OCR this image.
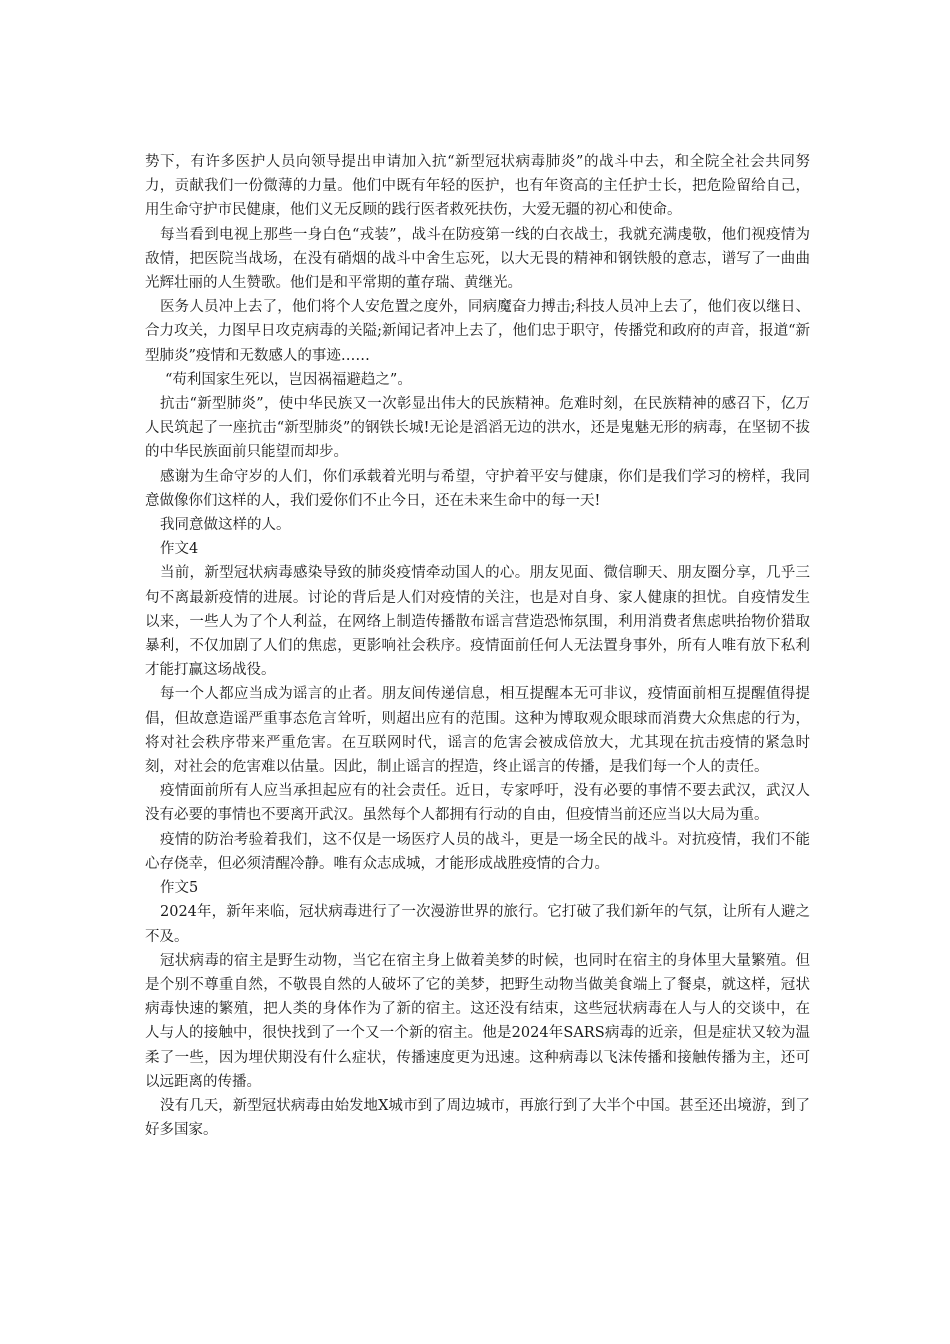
势下，有许多医护人员向领导提出申请加入抗“新型冠状病毒肺炎”的战斗中去，和全院全社会共同努力，贡献我们一份微薄的力量。他们中既有年轻的医护，也有年资高的主任护士长，把危险留给自己，用生命守护市民健康，他们义无反顾的践行医者救死扶伤，大爱无疆的初心和使命。

每当看到电视上那些一身白色“戎装”，战斗在防疫第一线的白衣战士，我就充满虔敬，他们视疫情为敌情，把医院当战场，在没有硝烟的战斗中舍生忘死，以大无畏的精神和钢铁般的意志，谱写了一曲曲光辉壮丽的人生赞歌。他们是和平常期的董存瑞、黄继光。

医务人员冲上去了，他们将个人安危置之度外，同病魔奋力搏击;科技人员冲上去了，他们夜以继日、合力攻关，力图早日攻克病毒的关隘;新闻记者冲上去了，他们忠于职守，传播党和政府的声音，报道“新型肺炎”疫情和无数感人的事迹……

“苟利国家生死以，岂因祸福避趋之”。

抗击“新型肺炎”，使中华民族又一次彰显出伟大的民族精神。危难时刻，在民族精神的感召下，亿万人民筑起了一座抗击“新型肺炎”的钢铁长城!无论是滔滔无边的洪水，还是鬼魅无形的病毒，在坚韧不拔的中华民族面前只能望而却步。

感谢为生命守岁的人们，你们承载着光明与希望，守护着平安与健康，你们是我们学习的榜样，我同意做像你们这样的人，我们爱你们不止今日，还在未来生命中的每一天!

我同意做这样的人。

作文4

当前，新型冠状病毒感染导致的肺炎疫情牵动国人的心。朋友见面、微信聊天、朋友圈分享，几乎三句不离最新疫情的进展。讨论的背后是人们对疫情的关注，也是对自身、家人健康的担忧。自疫情发生以来，一些人为了个人利益，在网络上制造传播散布谣言营造恐怖氛围，利用消费者焦虑哄抬物价猎取暴利，不仅加剧了人们的焦虑，更影响社会秩序。疫情面前任何人无法置身事外，所有人唯有放下私利才能打赢这场战役。

每一个人都应当成为谣言的止者。朋友间传递信息，相互提醒本无可非议，疫情面前相互提醒值得提倡，但故意造谣严重事态危言耸听，则超出应有的范围。这种为博取观众眼球而消费大众焦虑的行为，将对社会秩序带来严重危害。在互联网时代，谣言的危害会被成倍放大，尤其现在抗击疫情的紧急时刻，对社会的危害难以估量。因此，制止谣言的捏造，终止谣言的传播，是我们每一个人的责任。

疫情面前所有人应当承担起应有的社会责任。近日，专家呼吁，没有必要的事情不要去武汉，武汉人没有必要的事情也不要离开武汉。虽然每个人都拥有行动的自由，但疫情当前还应当以大局为重。

疫情的防治考验着我们，这不仅是一场医疗人员的战斗，更是一场全民的战斗。对抗疫情，我们不能心存侥幸，但必须清醒冷静。唯有众志成城，才能形成战胜疫情的合力。

作文5

2024年，新年来临，冠状病毒进行了一次漫游世界的旅行。它打破了我们新年的气氛，让所有人避之不及。

冠状病毒的宿主是野生动物，当它在宿主身上做着美梦的时候，也同时在宿主的身体里大量繁殖。但是个别不尊重自然，不敬畏自然的人破坏了它的美梦，把野生动物当做美食端上了餐桌，就这样，冠状病毒快速的繁殖，把人类的身体作为了新的宿主。这还没有结束，这些冠状病毒在人与人的交谈中，在人与人的接触中，很快找到了一个又一个新的宿主。他是2024年SARS病毒的近亲，但是症状又较为温柔了一些，因为埋伏期没有什么症状，传播速度更为迅速。这种病毒以飞沫传播和接触传播为主，还可以远距离的传播。

没有几天，新型冠状病毒由始发地X城市到了周边城市，再旅行到了大半个中国。甚至还出境游，到了好多国家。
